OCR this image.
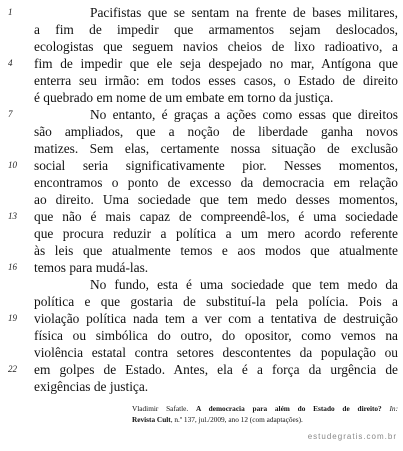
1
4
7
10
13
16
19
22
Pacifistas que se sentam na frente de bases militares,
a fim de impedir que armamentos sejam deslocados,
ecologistas que seguem navios cheios de lixo radioativo, a
fim de impedir que ele seja despejado no mar, Antígona que
enterra seu irmão: em todos esses casos, o Estado de direito
é quebrado em nome de um embate em torno da justiça.
No entanto, é graças a ações como essas que direitos
são ampliados, que a noção de liberdade ganha novos
matizes. Sem elas, certamente nossa situação de exclusão
social seria significativamente pior. Nesses momentos,
encontramos o ponto de excesso da democracia em relação
ao direito. Uma sociedade que tem medo desses momentos,
que não é mais capaz de compreendê-los, é uma sociedade
que procura reduzir a política a um mero acordo referente
às leis que atualmente temos e aos modos que atualmente
temos para mudá-las.
No fundo, esta é uma sociedade que tem medo da
política e que gostaria de substituí-la pela polícia. Pois a
violação política nada tem a ver com a tentativa de destruição
física ou simbólica do outro, do opositor, como vemos na
violência estatal contra setores descontentes da população ou
em golpes de Estado. Antes, ela é a força da urgência de
exigências de justiça.
Vladimir Safatle. A democracia para além do Estado de direito? In:
Revista Cult, n.º 137, jul./2009, ano 12 (com adaptações).
estudegratis.com.br
